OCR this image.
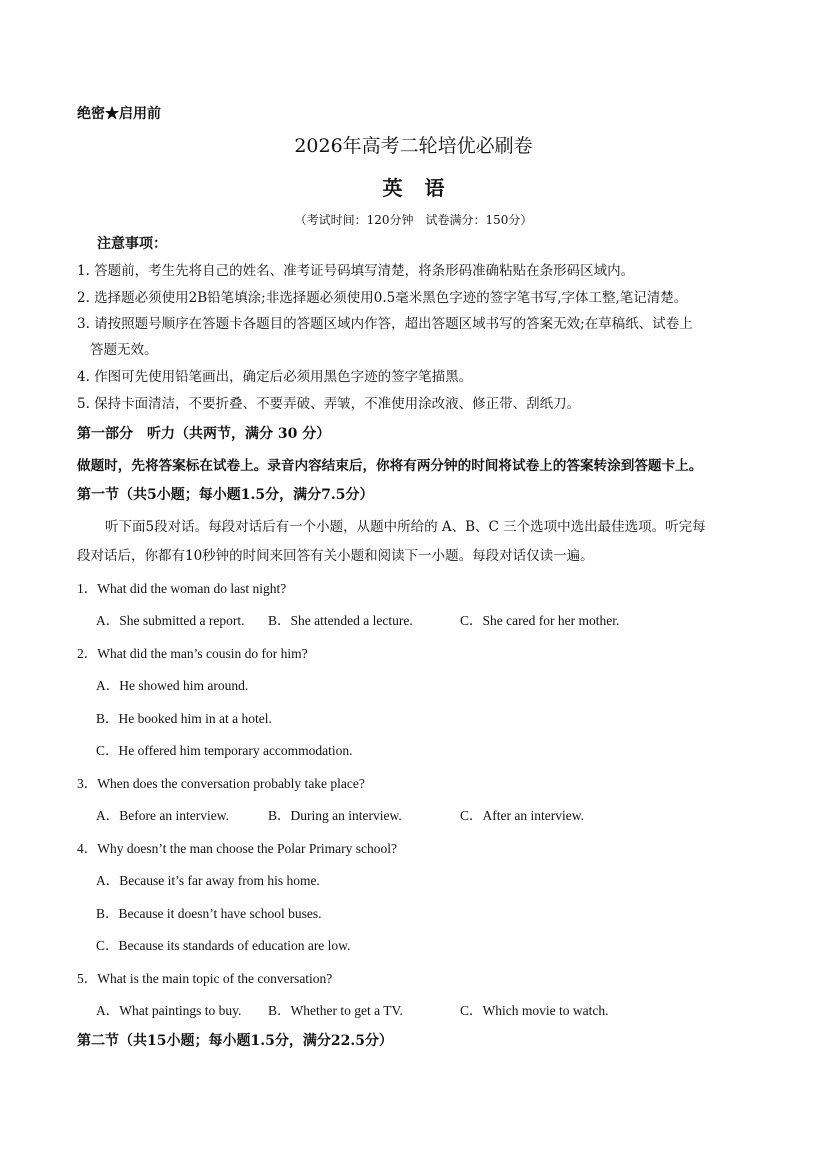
绝密★启用前
2026年高考二轮培优必刷卷
英语
（考试时间：120分钟　试卷满分：150分）
注意事项：
1. 答题前，考生先将自己的姓名、准考证号码填写清楚，将条形码准确粘贴在条形码区域内。
2. 选择题必须使用2B铅笔填涂;非选择题必须使用0.5毫米黑色字迹的签字笔书写,字体工整,笔记清楚。
3. 请按照题号顺序在答题卡各题目的答题区域内作答，超出答题区域书写的答案无效;在草稿纸、试卷上
答题无效。
4. 作图可先使用铅笔画出，确定后必须用黑色字迹的签字笔描黑。
5. 保持卡面清洁，不要折叠、不要弄破、弄皱，不准使用涂改液、修正带、刮纸刀。
第一部分　听力（共两节，满分 30 分）
做题时，先将答案标在试卷上。录音内容结束后，你将有两分钟的时间将试卷上的答案转涂到答题卡上。
第一节（共5小题；每小题1.5分，满分7.5分）
听下面5段对话。每段对话后有一个小题，从题中所给的 A、B、C 三个选项中选出最佳选项。听完每
段对话后，你都有10秒钟的时间来回答有关小题和阅读下一小题。每段对话仅读一遍。
1．What did the woman do last night?
A．She submitted a report. B．She attended a lecture.	C．She cared for her mother.
2．What did the man’s cousin do for him?
A．He showed him around.
B．He booked him in at a hotel.
C．He offered him temporary accommodation.
3．When does the conversation probably take place?
A．Before an interview.	B．During an interview.	C．After an interview.
4．Why doesn’t the man choose the Polar Primary school?
A．Because it’s far away from his home.
B．Because it doesn’t have school buses.
C．Because its standards of education are low.
5．What is the main topic of the conversation?
A．What paintings to buy. B．Whether to get a TV.	C．Which movie to watch.
第二节（共15小题；每小题1.5分，满分22.5分）
